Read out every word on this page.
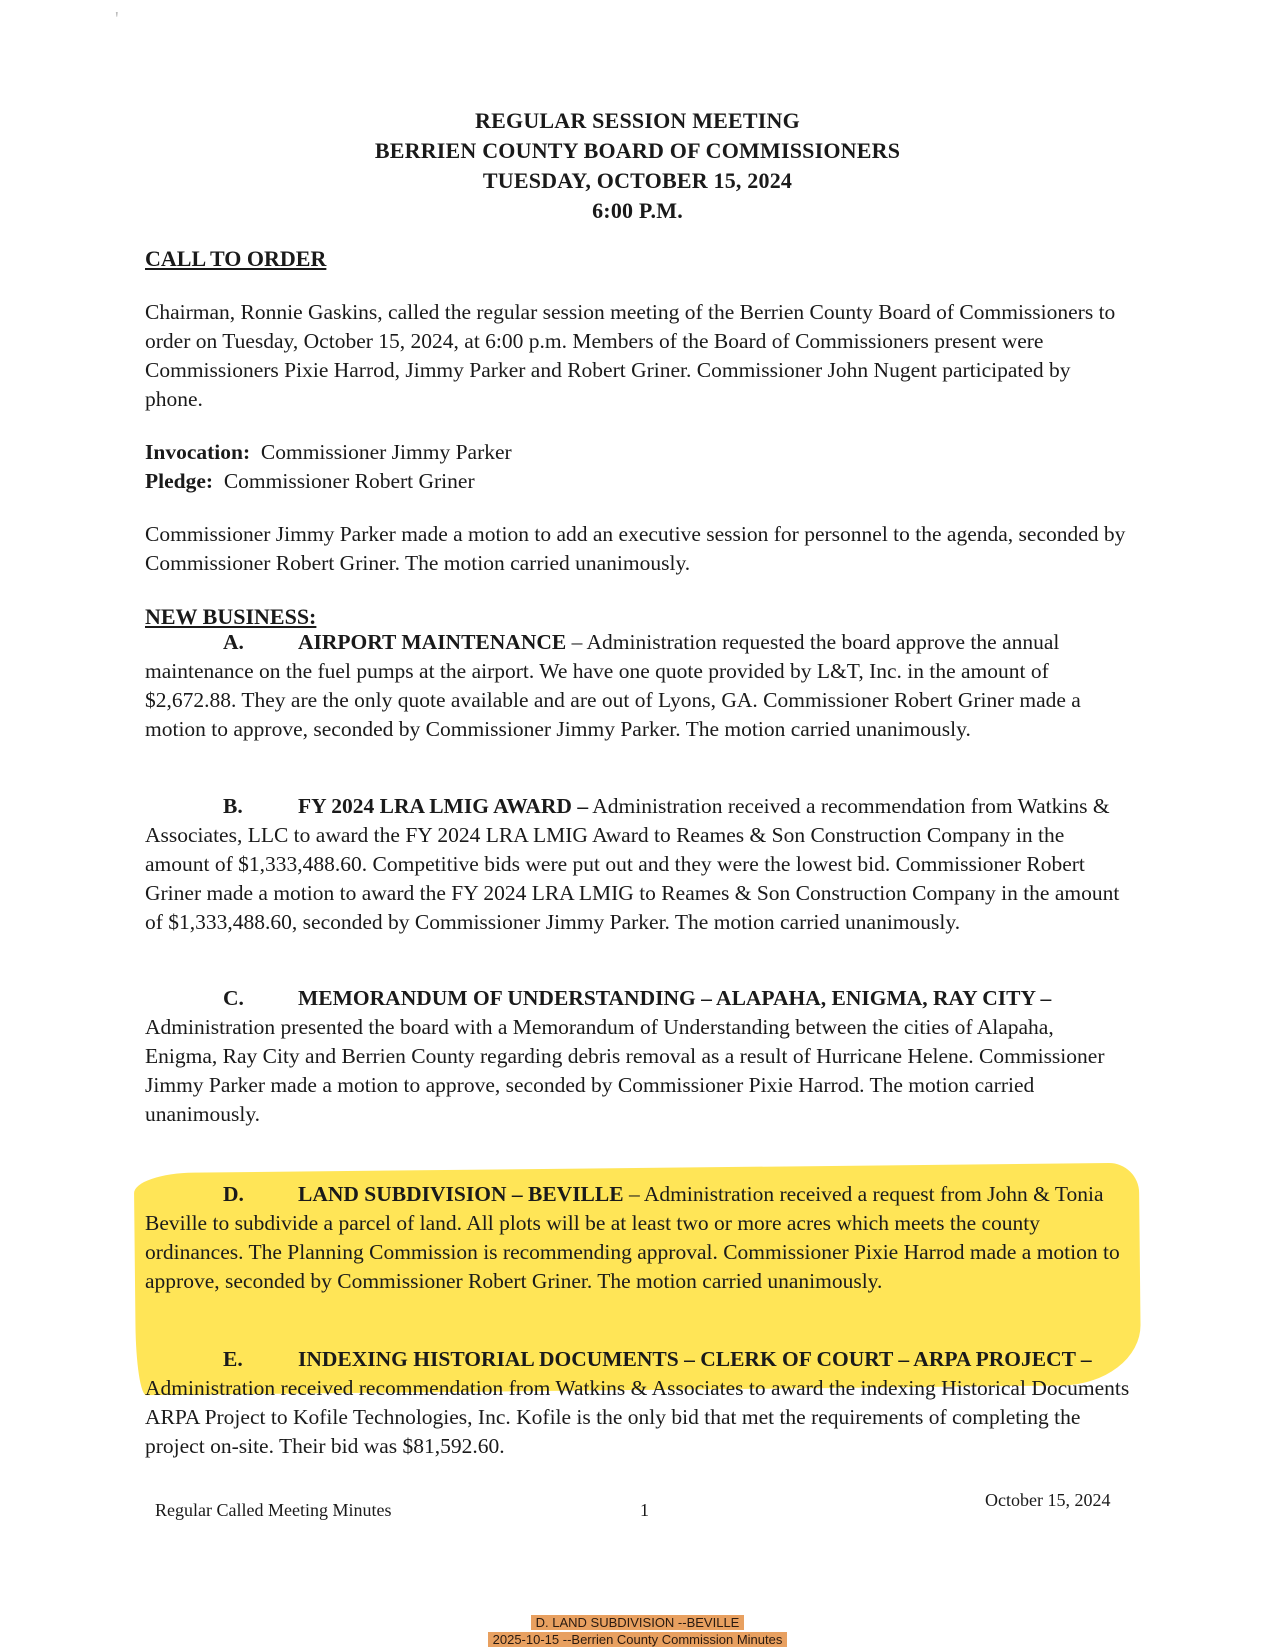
'
REGULAR SESSION MEETING
BERRIEN COUNTY BOARD OF COMMISSIONERS
TUESDAY, OCTOBER 15, 2024
6:00 P.M.
CALL TO ORDER
Chairman, Ronnie Gaskins, called the regular session meeting of the Berrien County Board of Commissioners to order on Tuesday, October 15, 2024, at 6:00 p.m. Members of the Board of Commissioners present were Commissioners Pixie Harrod, Jimmy Parker and Robert Griner. Commissioner John Nugent participated by phone.
Invocation: Commissioner Jimmy Parker
Pledge: Commissioner Robert Griner
Commissioner Jimmy Parker made a motion to add an executive session for personnel to the agenda, seconded by Commissioner Robert Griner. The motion carried unanimously.
NEW BUSINESS:
A.	AIRPORT MAINTENANCE – Administration requested the board approve the annual maintenance on the fuel pumps at the airport. We have one quote provided by L&T, Inc. in the amount of $2,672.88. They are the only quote available and are out of Lyons, GA. Commissioner Robert Griner made a motion to approve, seconded by Commissioner Jimmy Parker. The motion carried unanimously.
B.	FY 2024 LRA LMIG AWARD – Administration received a recommendation from Watkins & Associates, LLC to award the FY 2024 LRA LMIG Award to Reames & Son Construction Company in the amount of $1,333,488.60. Competitive bids were put out and they were the lowest bid. Commissioner Robert Griner made a motion to award the FY 2024 LRA LMIG to Reames & Son Construction Company in the amount of $1,333,488.60, seconded by Commissioner Jimmy Parker. The motion carried unanimously.
C.	MEMORANDUM OF UNDERSTANDING – ALAPAHA, ENIGMA, RAY CITY – Administration presented the board with a Memorandum of Understanding between the cities of Alapaha, Enigma, Ray City and Berrien County regarding debris removal as a result of Hurricane Helene. Commissioner Jimmy Parker made a motion to approve, seconded by Commissioner Pixie Harrod. The motion carried unanimously.
D.	LAND SUBDIVISION – BEVILLE – Administration received a request from John & Tonia Beville to subdivide a parcel of land. All plots will be at least two or more acres which meets the county ordinances. The Planning Commission is recommending approval. Commissioner Pixie Harrod made a motion to approve, seconded by Commissioner Robert Griner. The motion carried unanimously.
E.	INDEXING HISTORIAL DOCUMENTS – CLERK OF COURT – ARPA PROJECT – Administration received recommendation from Watkins & Associates to award the indexing Historical Documents ARPA Project to Kofile Technologies, Inc. Kofile is the only bid that met the requirements of completing the project on-site. Their bid was $81,592.60.
Regular Called Meeting Minutes	1	October 15, 2024
D. LAND SUBDIVISION --BEVILLE
2025-10-15 --Berrien County Commission Minutes
